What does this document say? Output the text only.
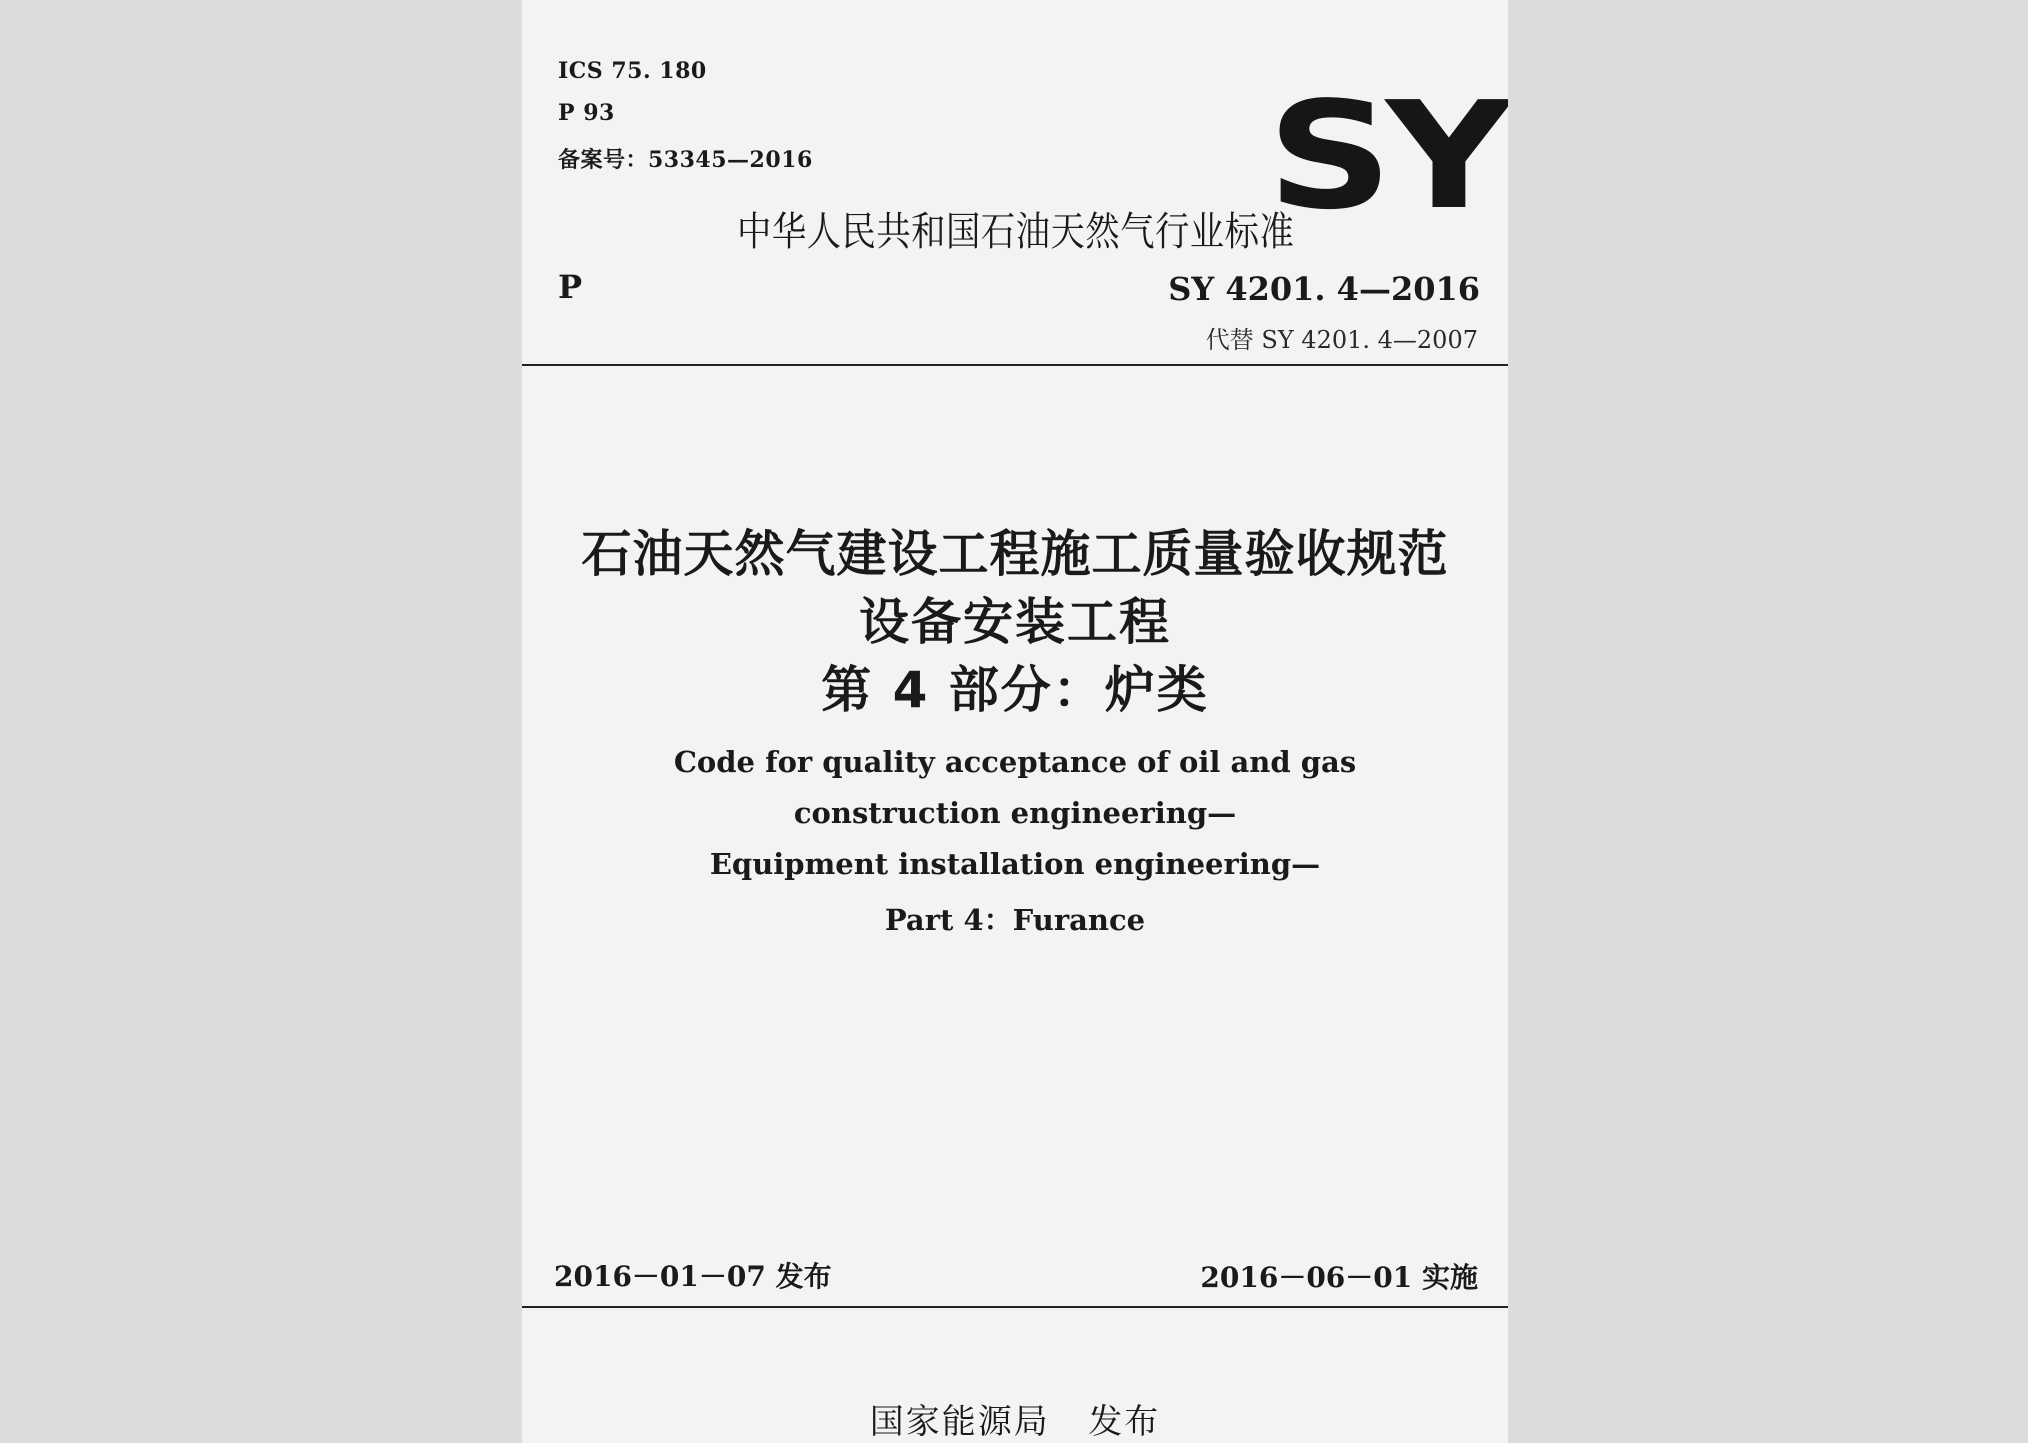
ICS 75. 180
P 93
备案号：53345—2016	SY
中华人民共和国石油天然气行业标准
P	SY 4201. 4—2016
代替 SY 4201. 4—2007
石油天然气建设工程施工质量验收规范
设备安装工程
第 4 部分：炉类
Code for quality acceptance of oil and gas
construction engineering—
Equipment installation engineering—
Part 4：Furance
2016－01－07 发布	2016－06－01 实施
国家能源局   发布
